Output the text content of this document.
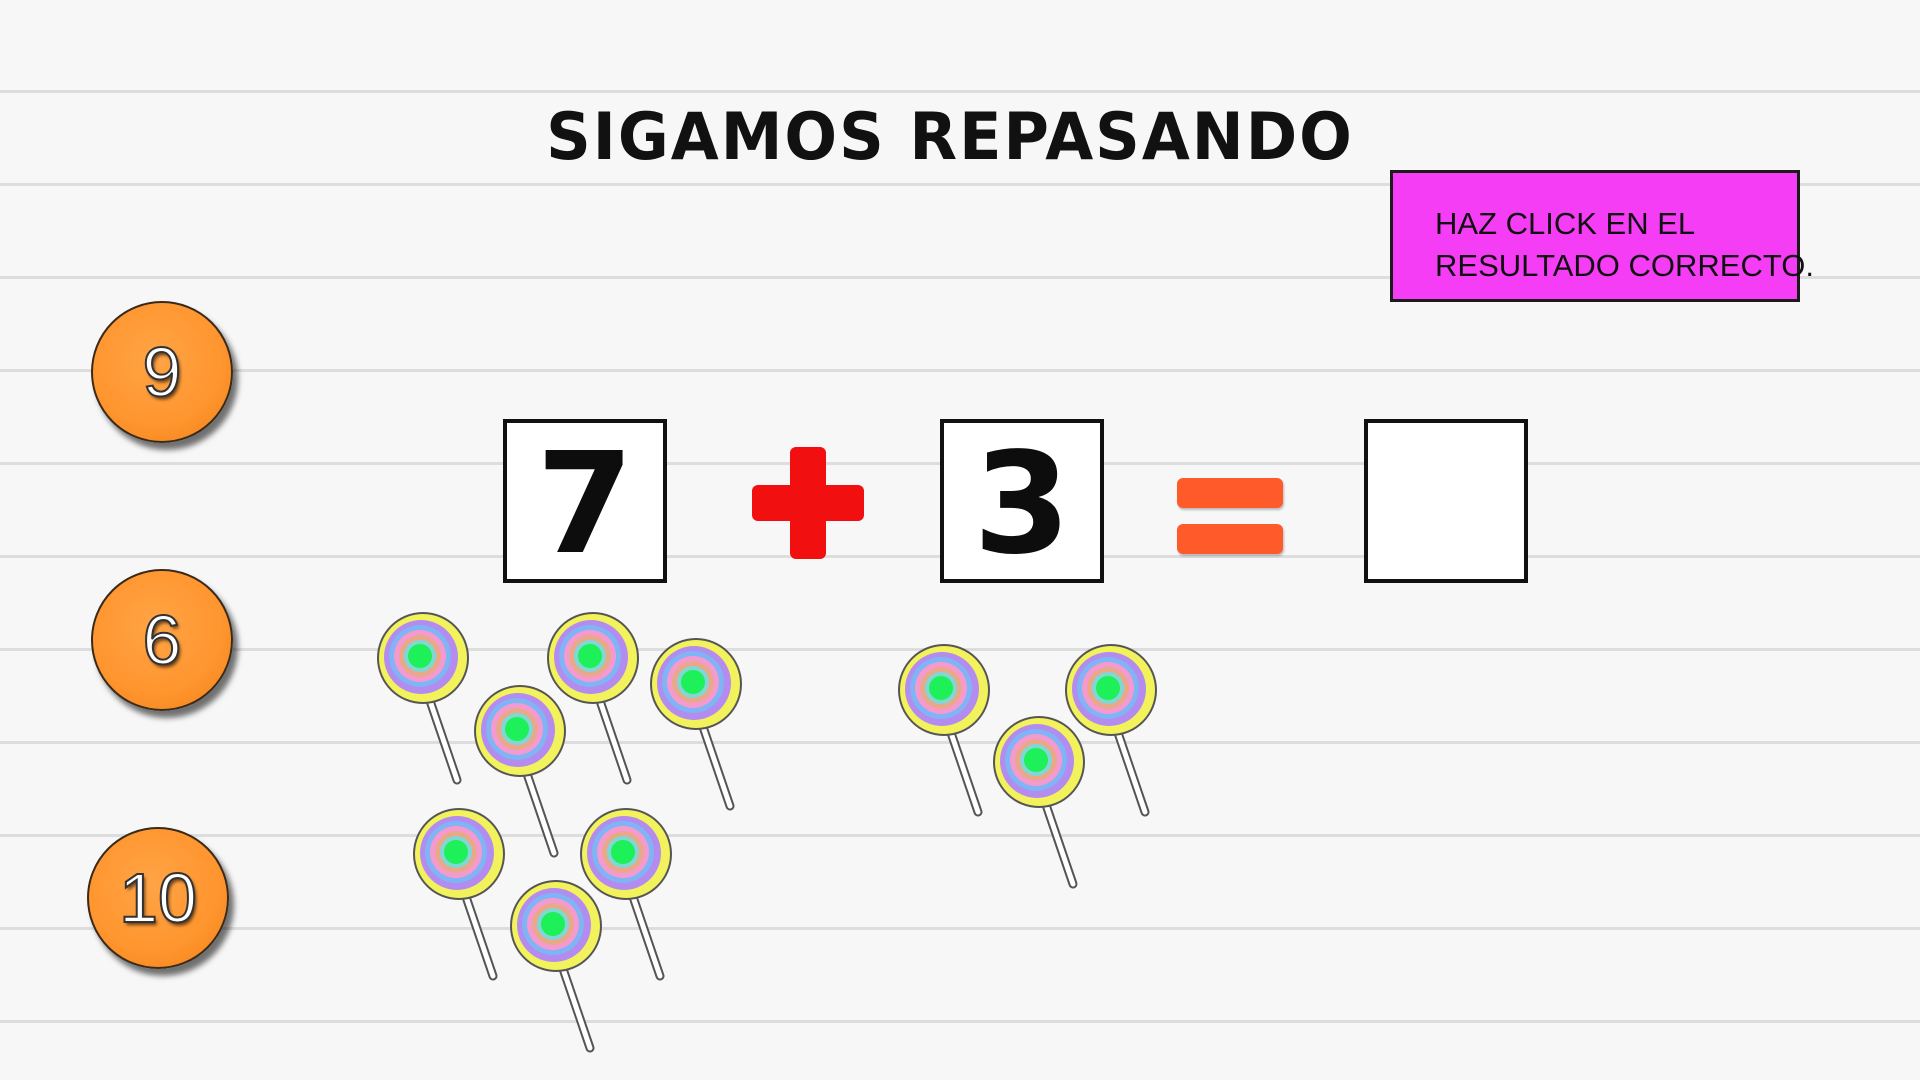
SIGAMOS REPASANDO
HAZ CLICK EN EL
RESULTADO CORRECTO.
9
6
10
7 3
